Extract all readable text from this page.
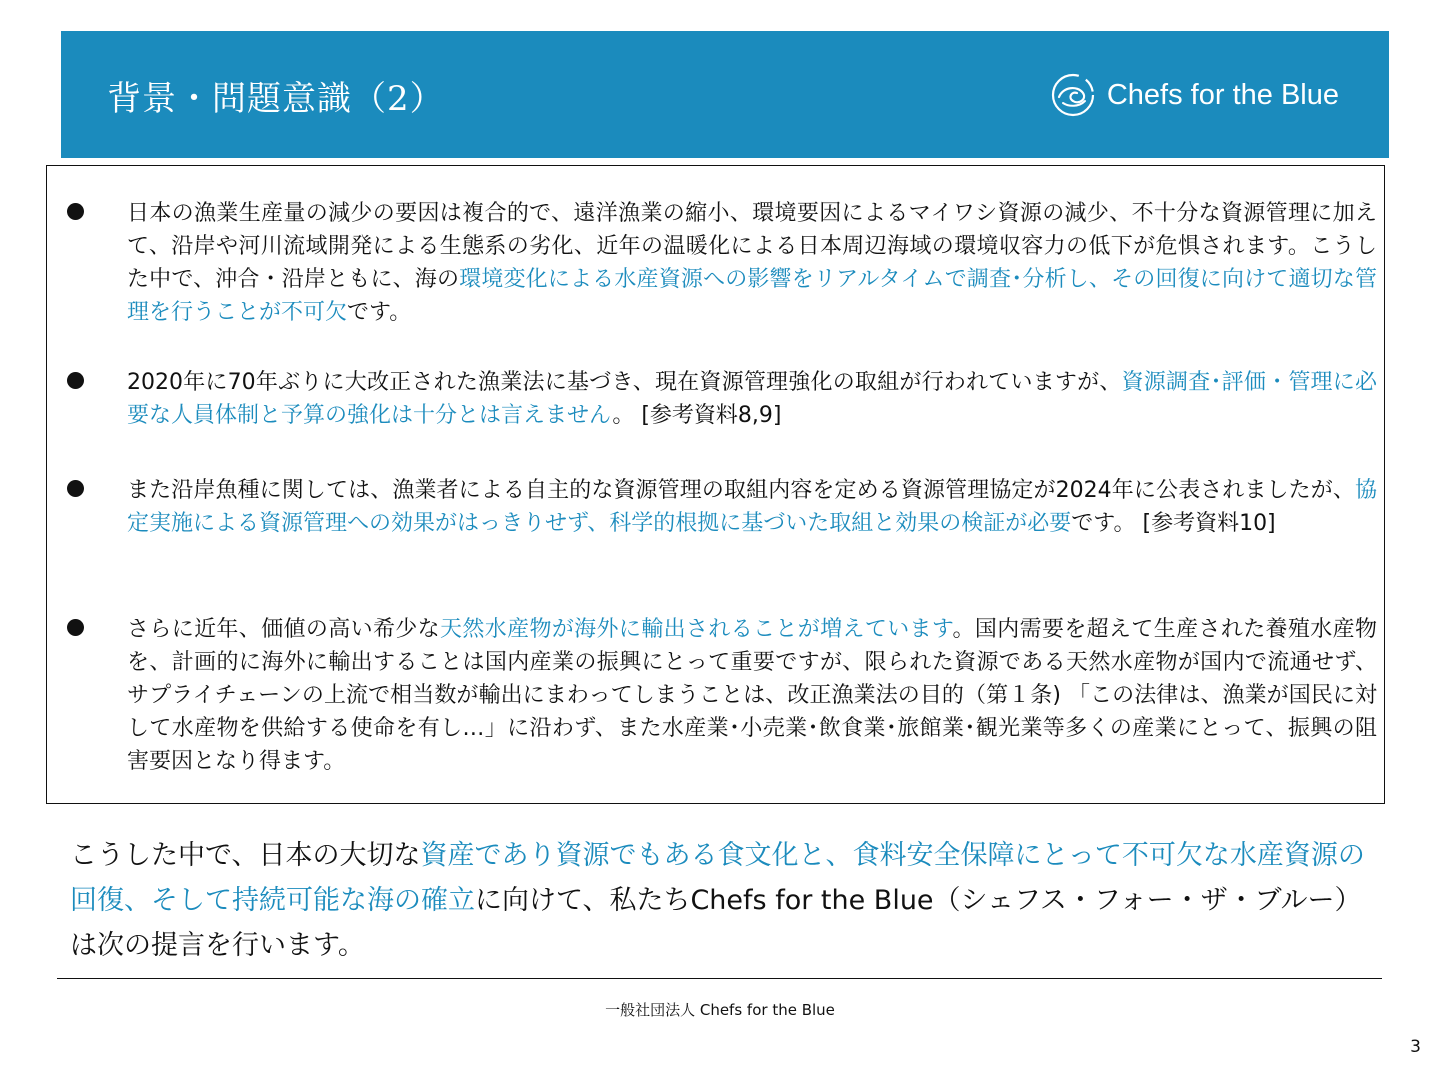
背景・問題意識（2）	Chefs for the Blue
日本の漁業生産量の減少の要因は複合的で、遠洋漁業の縮小、環境要因によるマイワシ資源の減少、不十分な資源管理に加えて、沿岸や河川流域開発による生態系の劣化、近年の温暖化による日本周辺海域の環境収容力の低下が危惧されます。こうした中で、沖合・沿岸ともに、海の環境変化による水産資源への影響をリアルタイムで調査･分析し、その回復に向けて適切な管理を行うことが不可欠です。
2020年に70年ぶりに大改正された漁業法に基づき、現在資源管理強化の取組が行われていますが、資源調査･評価・管理に必要な人員体制と予算の強化は十分とは言えません。 [参考資料8,9]
また沿岸魚種に関しては、漁業者による自主的な資源管理の取組内容を定める資源管理協定が2024年に公表されましたが、協定実施による資源管理への効果がはっきりせず、科学的根拠に基づいた取組と効果の検証が必要です。 [参考資料10]
さらに近年、価値の高い希少な天然水産物が海外に輸出されることが増えています。国内需要を超えて生産された養殖水産物を、計画的に海外に輸出することは国内産業の振興にとって重要ですが、限られた資源である天然水産物が国内で流通せず、サプライチェーンの上流で相当数が輸出にまわってしまうことは、改正漁業法の目的（第１条) 「この法律は、漁業が国民に対して水産物を供給する使命を有し…」に沿わず、また水産業･小売業･飲食業･旅館業･観光業等多くの産業にとって、振興の阻害要因となり得ます。
こうした中で、日本の大切な資産であり資源でもある食文化と、食料安全保障にとって不可欠な水産資源の回復、そして持続可能な海の確立に向けて、私たちChefs for the Blue（シェフス・フォー・ザ・ブルー）は次の提言を行います。
一般社団法人 Chefs for the Blue
3
